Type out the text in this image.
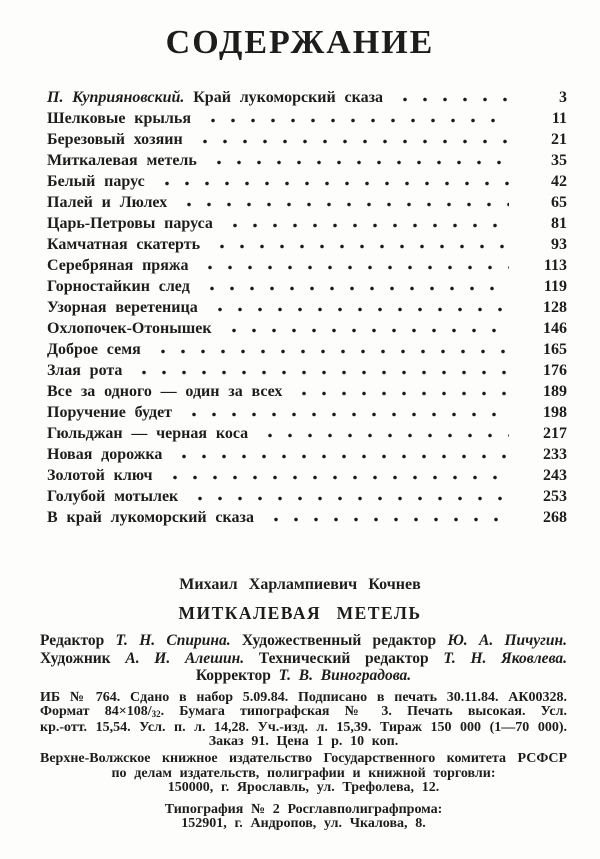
СОДЕРЖАНИЕ
П. Куприяновский. Край лукоморский сказа	3
Шелковые крылья	11
Березовый хозяин	21
Миткалевая метель	35
Белый парус	42
Палей и Люлех	65
Царь-Петровы паруса	81
Камчатная скатерть	93
Серебряная пряжа	113
Горностайкин след	119
Узорная веретеница	128
Охлопочек-Отонышек	146
Доброе семя	165
Злая рота	176
Все за одного — один за всех	189
Поручение будет	198
Гюльджан — черная коса	217
Новая дорожка	233
Золотой ключ	243
Голубой мотылек	253
В край лукоморский сказа	268

Михаил Харлампиевич Кочнев

МИТКАЛЕВАЯ МЕТЕЛЬ

Редактор Т. Н. Спирина. Художественный редактор Ю. А. Пичугин.

Художник А. И. Алешин. Технический редактор Т. Н. Яковлева.

Корректор Т. В. Виноградова.

ИБ № 764. Сдано в набор 5.09.84. Подписано в печать 30.11.84. АК00328.

Формат $84\times 108/_{32}$. Бумага типографская № 3. Печать высокая. Усл.

кр.-отт. 15,54. Усл. п. л. 14,28. Уч.-изд. л. 15,39. Тираж 150 000 (1—70 000).

Заказ 91. Цена 1 р. 10 коп.

Верхне-Волжское книжное издательство Государственного комитета РСФСР

по делам издательств, полиграфии и книжной торговли:

150000, г. Ярославль, ул. Трефолева, 12.

Типография № 2 Росглавполиграфпрома:

152901, г. Андропов, ул. Чкалова, 8.
